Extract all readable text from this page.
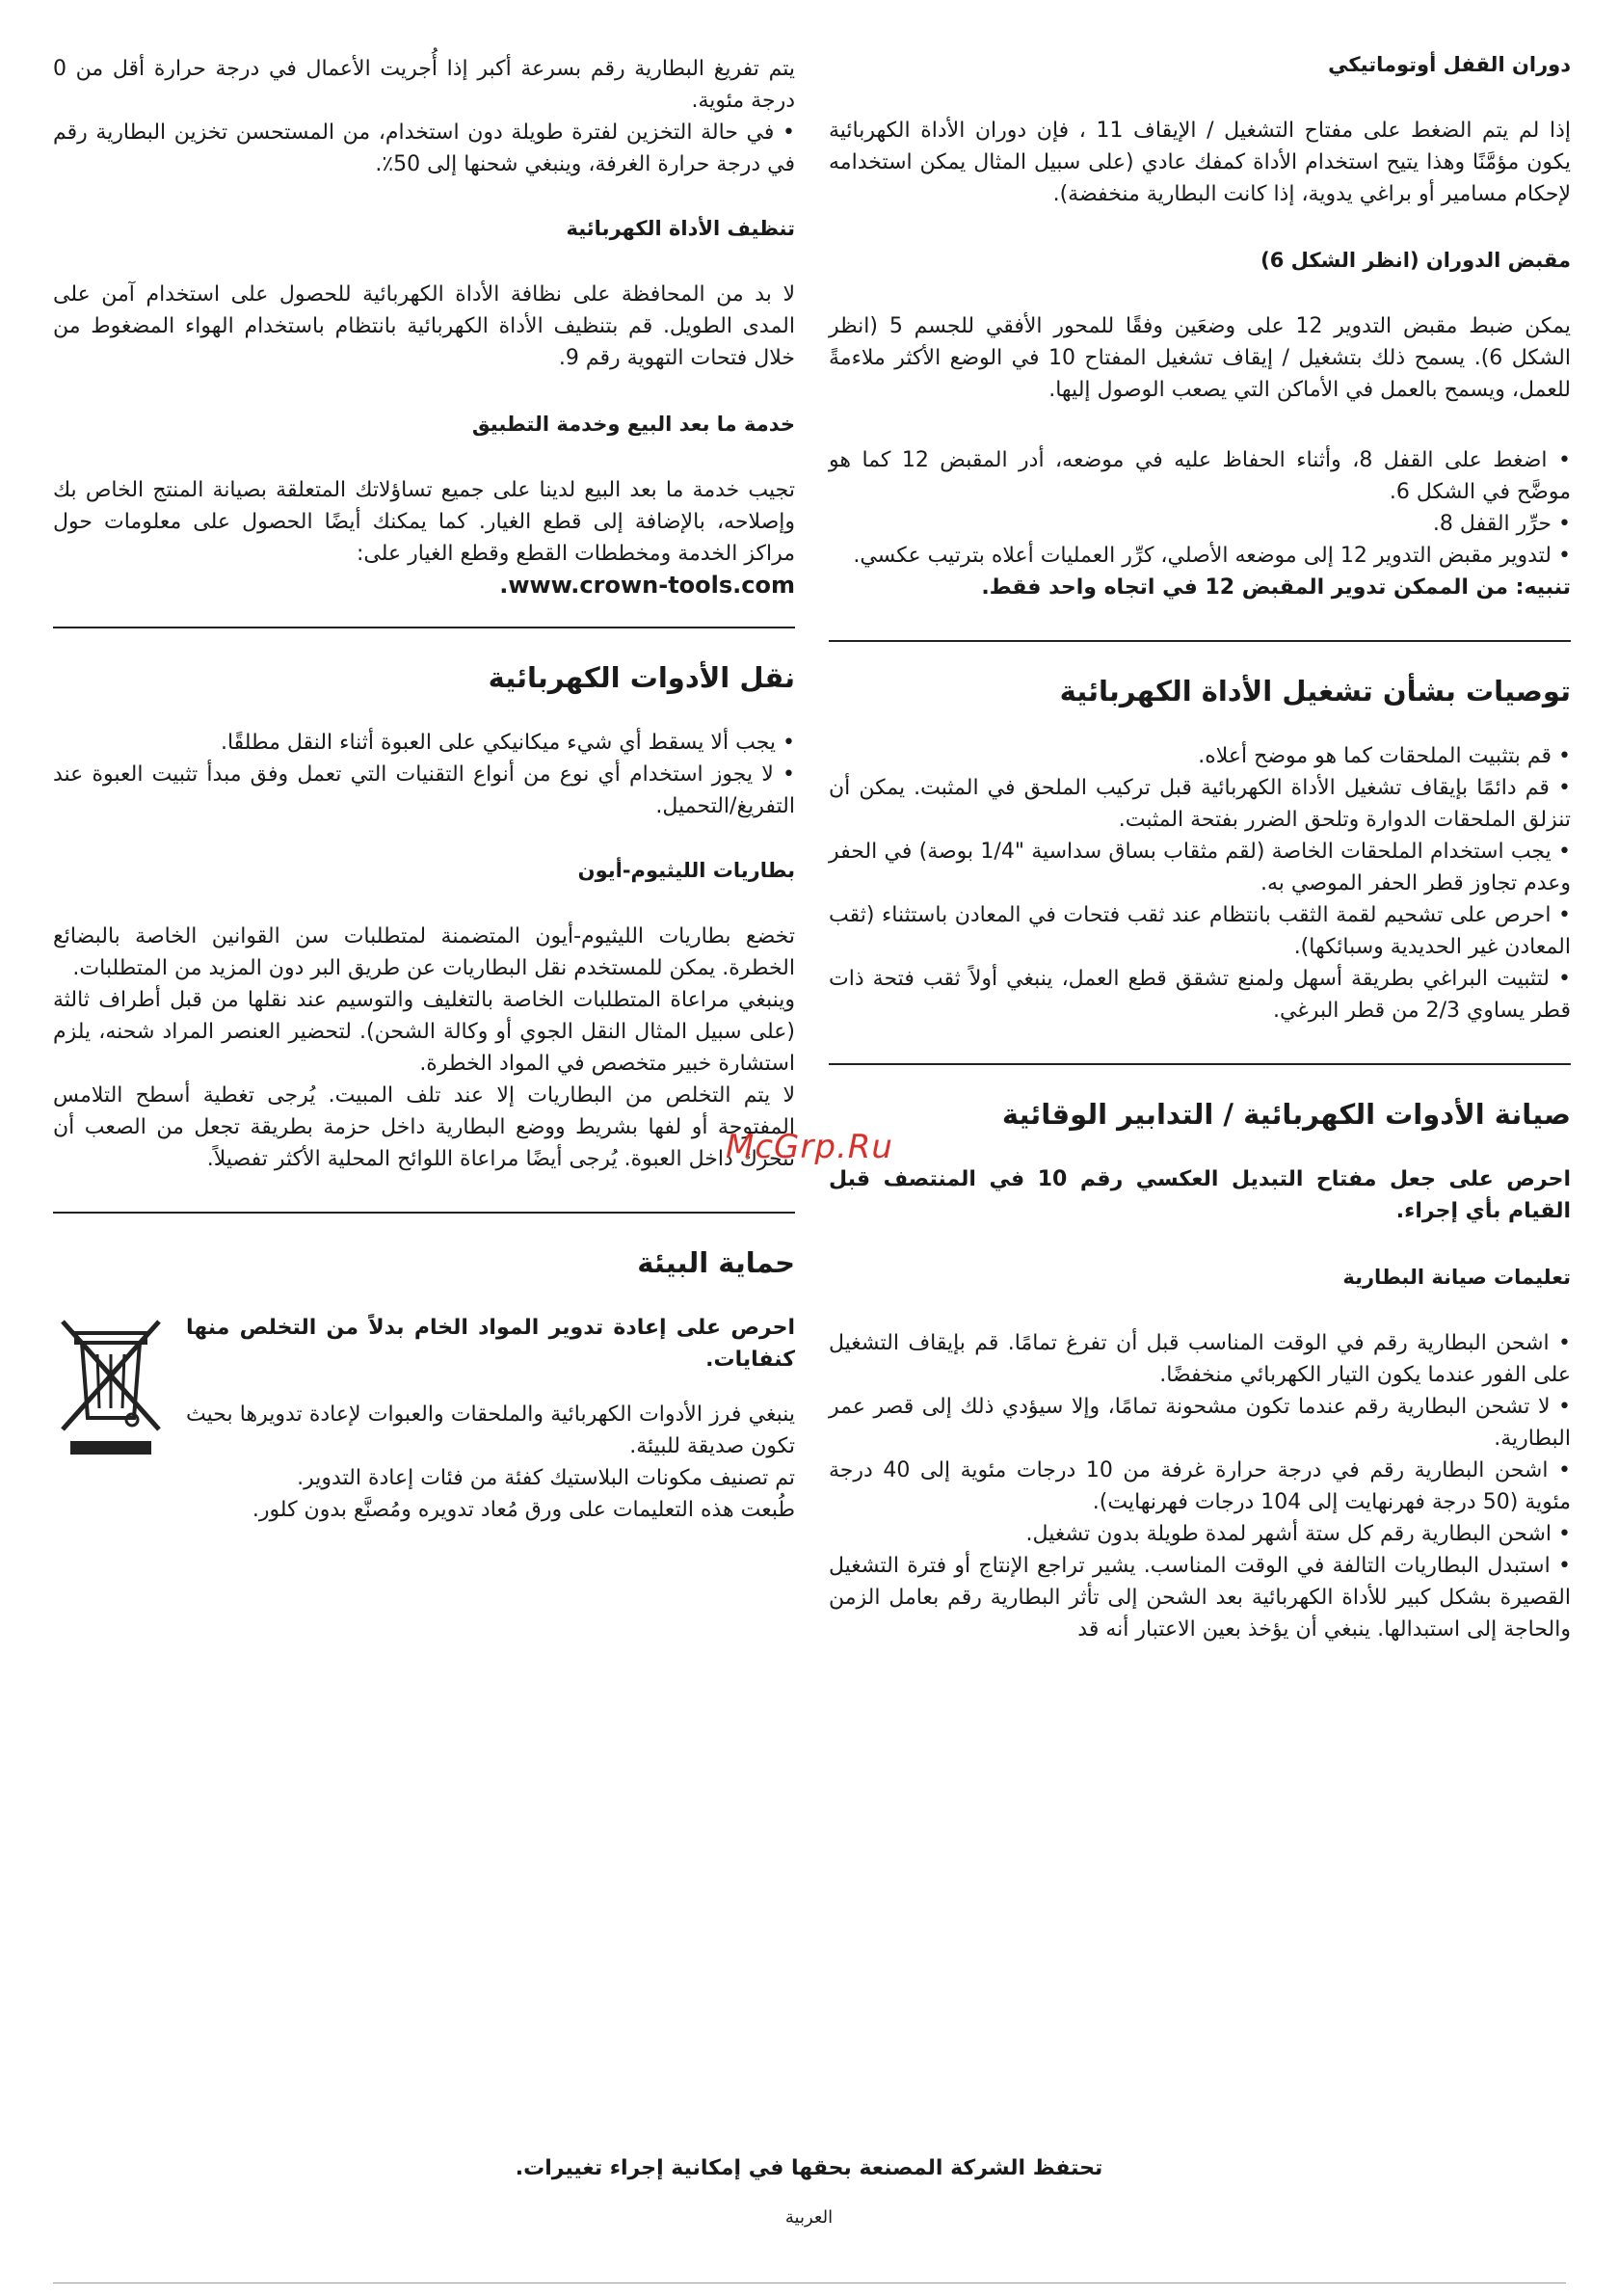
دوران القفل أوتوماتيكي
إذا لم يتم الضغط على مفتاح التشغيل / الإيقاف 11 ، فإن دوران الأداة الكهربائية يكون مؤمَّنًا وهذا يتيح استخدام الأداة كمفك عادي (على سبيل المثال يمكن استخدامه لإحكام مسامير أو براغي يدوية، إذا كانت البطارية منخفضة).
مقبض الدوران (انظر الشكل 6)
يمكن ضبط مقبض التدوير 12 على وضعَين وفقًا للمحور الأفقي للجسم 5 (انظر الشكل 6). يسمح ذلك بتشغيل / إيقاف تشغيل المفتاح 10 في الوضع الأكثر ملاءمةً للعمل، ويسمح بالعمل في الأماكن التي يصعب الوصول إليها.
• اضغط على القفل 8، وأثناء الحفاظ عليه في موضعه، أدر المقبض 12 كما هو موضَّح في الشكل 6.
• حرِّر القفل 8.
• لتدوير مقبض التدوير 12 إلى موضعه الأصلي، كرِّر العمليات أعلاه بترتيب عكسي.
تنبيه: من الممكن تدوير المقبض 12 في اتجاه واحد فقط.
توصيات بشأن تشغيل الأداة الكهربائية
• قم بتثبيت الملحقات كما هو موضح أعلاه.
• قم دائمًا بإيقاف تشغيل الأداة الكهربائية قبل تركيب الملحق في المثبت. يمكن أن تنزلق الملحقات الدوارة وتلحق الضرر بفتحة المثبت.
• يجب استخدام الملحقات الخاصة (لقم مثقاب بساق سداسية "1/4 بوصة) في الحفر وعدم تجاوز قطر الحفر الموصي به.
• احرص على تشحيم لقمة الثقب بانتظام عند ثقب فتحات في المعادن باستثناء (ثقب المعادن غير الحديدية وسبائكها).
• لتثبيت البراغي بطريقة أسهل ولمنع تشقق قطع العمل، ينبغي أولاً ثقب فتحة ذات قطر يساوي 2/3 من قطر البرغي.
صيانة الأدوات الكهربائية / التدابير الوقائية
احرص على جعل مفتاح التبديل العكسي رقم 10 في المنتصف قبل القيام بأي إجراء.
تعليمات صيانة البطارية
• اشحن البطارية رقم في الوقت المناسب قبل أن تفرغ تمامًا. قم بإيقاف التشغيل على الفور عندما يكون التيار الكهربائي منخفضًا.
• لا تشحن البطارية رقم عندما تكون مشحونة تمامًا، وإلا سيؤدي ذلك إلى قصر عمر البطارية.
• اشحن البطارية رقم في درجة حرارة غرفة من 10 درجات مئوية إلى 40 درجة مئوية (50 درجة فهرنهايت إلى 104 درجات فهرنهايت).
• اشحن البطارية رقم كل ستة أشهر لمدة طويلة بدون تشغيل.
• استبدل البطاريات التالفة في الوقت المناسب. يشير تراجع الإنتاج أو فترة التشغيل القصيرة بشكل كبير للأداة الكهربائية بعد الشحن إلى تأثر البطارية رقم بعامل الزمن والحاجة إلى استبدالها. ينبغي أن يؤخذ بعين الاعتبار أنه قد
يتم تفريغ البطارية رقم بسرعة أكبر إذا أُجريت الأعمال في درجة حرارة أقل من 0 درجة مئوية.
• في حالة التخزين لفترة طويلة دون استخدام، من المستحسن تخزين البطارية رقم في درجة حرارة الغرفة، وينبغي شحنها إلى 50٪.
تنظيف الأداة الكهربائية
لا بد من المحافظة على نظافة الأداة الكهربائية للحصول على استخدام آمن على المدى الطويل. قم بتنظيف الأداة الكهربائية بانتظام باستخدام الهواء المضغوط من خلال فتحات التهوية رقم 9.
خدمة ما بعد البيع وخدمة التطبيق
تجيب خدمة ما بعد البيع لدينا على جميع تساؤلاتك المتعلقة بصيانة المنتج الخاص بك وإصلاحه، بالإضافة إلى قطع الغيار. كما يمكنك أيضًا الحصول على معلومات حول مراكز الخدمة ومخططات القطع وقطع الغيار على:
www.crown-tools.com.
نقل الأدوات الكهربائية
• يجب ألا يسقط أي شيء ميكانيكي على العبوة أثناء النقل مطلقًا.
• لا يجوز استخدام أي نوع من أنواع التقنيات التي تعمل وفق مبدأ تثبيت العبوة عند التفريغ/التحميل.
بطاريات الليثيوم-أيون
تخضع بطاريات الليثيوم-أيون المتضمنة لمتطلبات سن القوانين الخاصة بالبضائع الخطرة. يمكن للمستخدم نقل البطاريات عن طريق البر دون المزيد من المتطلبات.
وينبغي مراعاة المتطلبات الخاصة بالتغليف والتوسيم عند نقلها من قبل أطراف ثالثة (على سبيل المثال النقل الجوي أو وكالة الشحن). لتحضير العنصر المراد شحنه، يلزم استشارة خبير متخصص في المواد الخطرة.
لا يتم التخلص من البطاريات إلا عند تلف المبيت. يُرجى تغطية أسطح التلامس المفتوحة أو لفها بشريط ووضع البطارية داخل حزمة بطريقة تجعل من الصعب أن تتحرك داخل العبوة. يُرجى أيضًا مراعاة اللوائح المحلية الأكثر تفصيلاً.
حماية البيئة
احرص على إعادة تدوير المواد الخام بدلاً من التخلص منها كنفايات.
ينبغي فرز الأدوات الكهربائية والملحقات والعبوات لإعادة تدويرها بحيث تكون صديقة للبيئة.
تم تصنيف مكونات البلاستيك كفئة من فئات إعادة التدوير.
طُبعت هذه التعليمات على ورق مُعاد تدويره ومُصنَّع بدون كلور.
McGrp.Ru
تحتفظ الشركة المصنعة بحقها في إمكانية إجراء تغييرات.
العربية
